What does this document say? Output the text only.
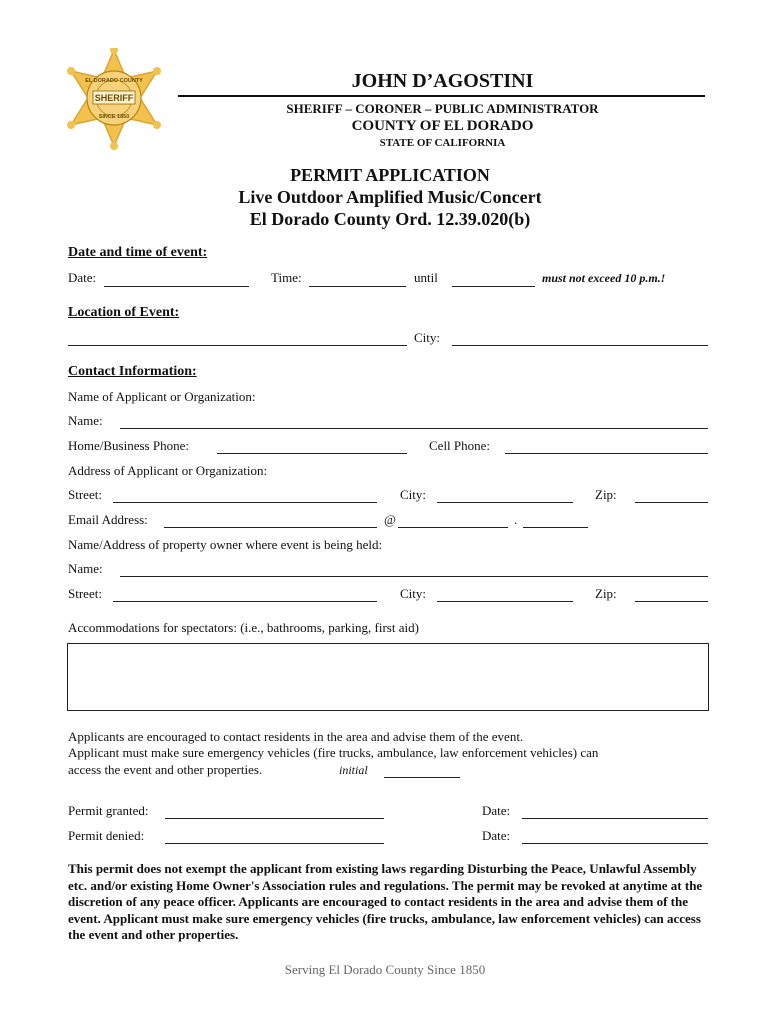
SHERIFF
EL DORADO COUNTY
SINCE 1850
JOHN D’AGOSTINI
SHERIFF – CORONER – PUBLIC ADMINISTRATOR
COUNTY OF EL DORADO
STATE OF CALIFORNIA
PERMIT APPLICATION
Live Outdoor Amplified Music/Concert
El Dorado County Ord. 12.39.020(b)
Date and time of event:
Date:	Time:	until	must not exceed 10 p.m.!
Location of Event:
City:
Contact Information:
Name of Applicant or Organization:
Name:
Home/Business Phone:	Cell Phone:
Address of Applicant or Organization:
Street:	City:	Zip:
Email Address:	@	.
Name/Address of property owner where event is being held:
Name:
Street:	City:	Zip:
Accommodations for spectators: (i.e., bathrooms, parking, first aid)
Applicants are encouraged to contact residents in the area and advise them of the event.
Applicant must make sure emergency vehicles (fire trucks, ambulance, law enforcement vehicles) can
access the event and other properties.	initial
Permit granted:	Date:
Permit denied:	Date:
This permit does not exempt the applicant from existing laws regarding Disturbing the Peace, Unlawful Assembly etc. and/or existing Home Owner's Association rules and regulations. The permit may be revoked at anytime at the discretion of any peace officer. Applicants are encouraged to contact residents in the area and advise them of the event. Applicant must make sure emergency vehicles (fire trucks, ambulance, law enforcement vehicles) can access the event and other properties.
Serving El Dorado County Since 1850
